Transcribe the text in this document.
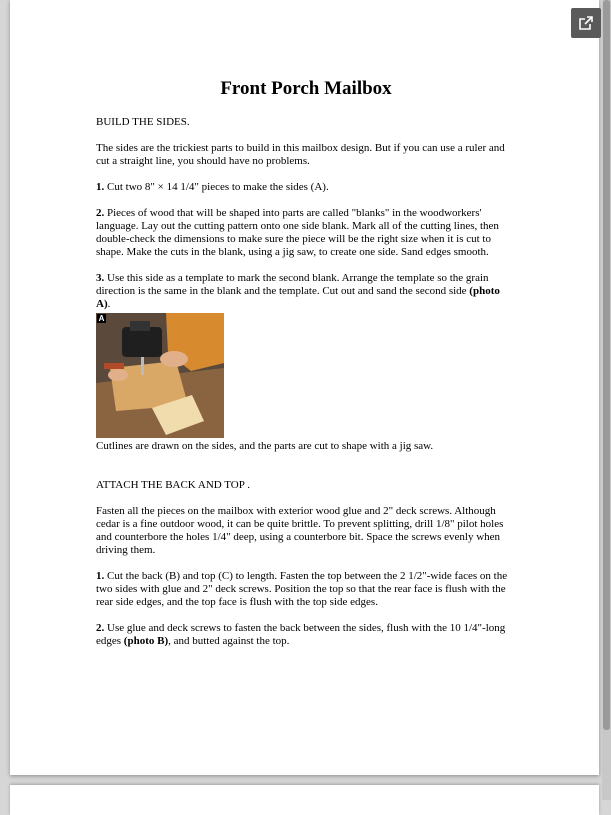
Front Porch Mailbox
BUILD THE SIDES.

The sides are the trickiest parts to build in this mailbox design. But if you can use a ruler and cut a straight line, you should have no problems.

1. Cut two 8" × 14 1/4" pieces to make the sides (A).

2. Pieces of wood that will be shaped into parts are called "blanks" in the woodworkers' language. Lay out the cutting pattern onto one side blank. Mark all of the cutting lines, then double-check the dimensions to make sure the piece will be the right size when it is cut to shape. Make the cuts in the blank, using a jig saw, to create one side. Sand edges smooth.

3. Use this side as a template to mark the second blank. Arrange the template so the grain direction is the same in the blank and the template. Cut out and sand the second side (photo A).

A

Cutlines are drawn on the sides, and the parts are cut to shape with a jig saw.

ATTACH THE BACK AND TOP .

Fasten all the pieces on the mailbox with exterior wood glue and 2" deck screws. Although cedar is a fine outdoor wood, it can be quite brittle. To prevent splitting, drill 1/8" pilot holes and counterbore the holes 1/4" deep, using a counterbore bit. Space the screws evenly when driving them.

1. Cut the back (B) and top (C) to length. Fasten the top between the 2 1/2"-wide faces on the two sides with glue and 2" deck screws. Position the top so that the rear face is flush with the rear side edges, and the top face is flush with the top side edges.

2. Use glue and deck screws to fasten the back between the sides, flush with the 10 1/4"-long edges (photo B), and butted against the top.
